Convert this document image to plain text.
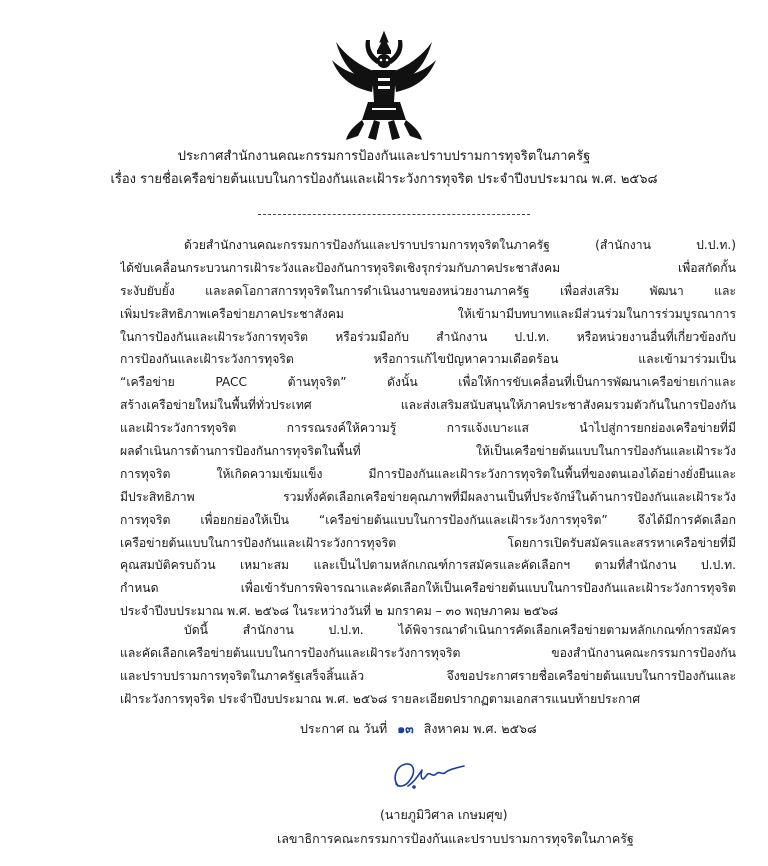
ประกาศสำนักงานคณะกรรมการป้องกันและปราบปรามการทุจริตในภาครัฐ
เรื่อง รายชื่อเครือข่ายต้นแบบในการป้องกันและเฝ้าระวังการทุจริต ประจำปีงบประมาณ พ.ศ. ๒๕๖๘
ด้วยสำนักงานคณะกรรมการป้องกันและปราบปรามการทุจริตในภาครัฐ (สำนักงาน ป.ป.ท.)
ได้ขับเคลื่อนกระบวนการเฝ้าระวังและป้องกันการทุจริตเชิงรุกร่วมกับภาคประชาสังคม เพื่อสกัดกั้น
ระงับยับยั้ง และลดโอกาสการทุจริตในการดำเนินงานของหน่วยงานภาครัฐ เพื่อส่งเสริม พัฒนา และ
เพิ่มประสิทธิภาพเครือข่ายภาคประชาสังคม ให้เข้ามามีบทบาทและมีส่วนร่วมในการร่วมบูรณาการ
ในการป้องกันและเฝ้าระวังการทุจริต หรือร่วมมือกับ สำนักงาน ป.ป.ท. หรือหน่วยงานอื่นที่เกี่ยวข้องกับ
การป้องกันและเฝ้าระวังการทุจริต หรือการแก้ไขปัญหาความเดือดร้อน และเข้ามาร่วมเป็น
“เครือข่าย PACC ต้านทุจริต” ดังนั้น เพื่อให้การขับเคลื่อนที่เป็นการพัฒนาเครือข่ายเก่าและ
สร้างเครือข่ายใหม่ในพื้นที่ทั่วประเทศ และส่งเสริมสนับสนุนให้ภาคประชาสังคมรวมตัวกันในการป้องกัน
และเฝ้าระวังการทุจริต การรณรงค์ให้ความรู้ การแจ้งเบาะแส นำไปสู่การยกย่องเครือข่ายที่มี
ผลดำเนินการต้านการป้องกันการทุจริตในพื้นที่ ให้เป็นเครือข่ายต้นแบบในการป้องกันและเฝ้าระวัง
การทุจริต ให้เกิดความเข้มแข็ง มีการป้องกันและเฝ้าระวังการทุจริตในพื้นที่ของตนเองได้อย่างยั่งยืนและ
มีประสิทธิภาพ รวมทั้งคัดเลือกเครือข่ายคุณภาพที่มีผลงานเป็นที่ประจักษ์ในด้านการป้องกันและเฝ้าระวัง
การทุจริต เพื่อยกย่องให้เป็น “เครือข่ายต้นแบบในการป้องกันและเฝ้าระวังการทุจริต” จึงได้มีการคัดเลือก
เครือข่ายต้นแบบในการป้องกันและเฝ้าระวังการทุจริต โดยการเปิดรับสมัครและสรรหาเครือข่ายที่มี
คุณสมบัติครบถ้วน เหมาะสม และเป็นไปตามหลักเกณฑ์การสมัครและคัดเลือกฯ ตามที่สำนักงาน ป.ป.ท.
กำหนด เพื่อเข้ารับการพิจารณาและคัดเลือกให้เป็นเครือข่ายต้นแบบในการป้องกันและเฝ้าระวังการทุจริต
ประจำปีงบประมาณ พ.ศ. ๒๕๖๘ ในระหว่างวันที่ ๒ มกราคม – ๓๐ พฤษภาคม ๒๕๖๘
บัดนี้ สำนักงาน ป.ป.ท. ได้พิจารณาดำเนินการคัดเลือกเครือข่ายตามหลักเกณฑ์การสมัคร
และคัดเลือกเครือข่ายต้นแบบในการป้องกันและเฝ้าระวังการทุจริต ของสำนักงานคณะกรรมการป้องกัน
และปราบปรามการทุจริตในภาครัฐเสร็จสิ้นแล้ว จึงขอประกาศรายชื่อเครือข่ายต้นแบบในการป้องกันและ
เฝ้าระวังการทุจริต ประจำปีงบประมาณ พ.ศ. ๒๕๖๘ รายละเอียดปรากฏตามเอกสารแนบท้ายประกาศ
ประกาศ ณ วันที่ ๑๓ สิงหาคม พ.ศ. ๒๕๖๘
(นายภูมิวิศาล เกษมศุข)
เลขาธิการคณะกรรมการป้องกันและปราบปรามการทุจริตในภาครัฐ
